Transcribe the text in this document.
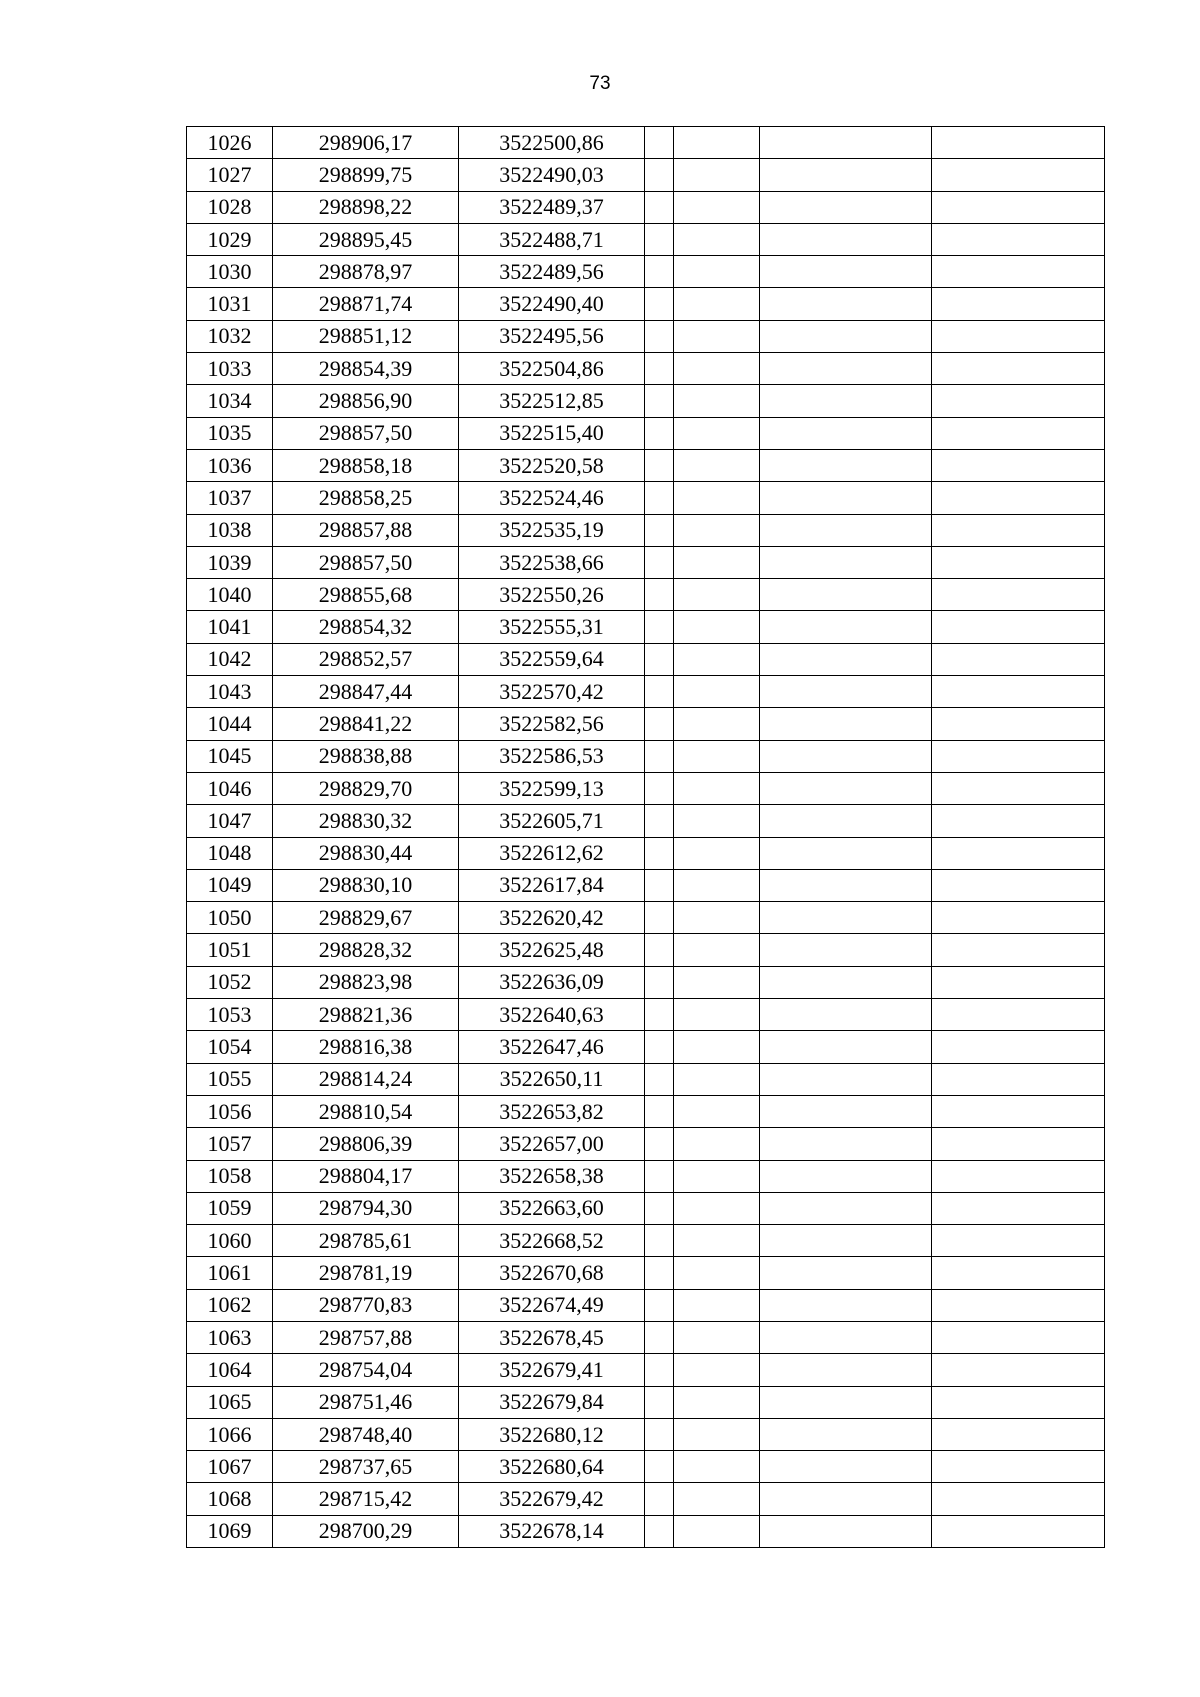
73
1026	298906,17	3522500,86				
1027	298899,75	3522490,03				
1028	298898,22	3522489,37				
1029	298895,45	3522488,71				
1030	298878,97	3522489,56				
1031	298871,74	3522490,40				
1032	298851,12	3522495,56				
1033	298854,39	3522504,86				
1034	298856,90	3522512,85				
1035	298857,50	3522515,40				
1036	298858,18	3522520,58				
1037	298858,25	3522524,46				
1038	298857,88	3522535,19				
1039	298857,50	3522538,66				
1040	298855,68	3522550,26				
1041	298854,32	3522555,31				
1042	298852,57	3522559,64				
1043	298847,44	3522570,42				
1044	298841,22	3522582,56				
1045	298838,88	3522586,53				
1046	298829,70	3522599,13				
1047	298830,32	3522605,71				
1048	298830,44	3522612,62				
1049	298830,10	3522617,84				
1050	298829,67	3522620,42				
1051	298828,32	3522625,48				
1052	298823,98	3522636,09				
1053	298821,36	3522640,63				
1054	298816,38	3522647,46				
1055	298814,24	3522650,11				
1056	298810,54	3522653,82				
1057	298806,39	3522657,00				
1058	298804,17	3522658,38				
1059	298794,30	3522663,60				
1060	298785,61	3522668,52				
1061	298781,19	3522670,68				
1062	298770,83	3522674,49				
1063	298757,88	3522678,45				
1064	298754,04	3522679,41				
1065	298751,46	3522679,84				
1066	298748,40	3522680,12				
1067	298737,65	3522680,64				
1068	298715,42	3522679,42				
1069	298700,29	3522678,14				
